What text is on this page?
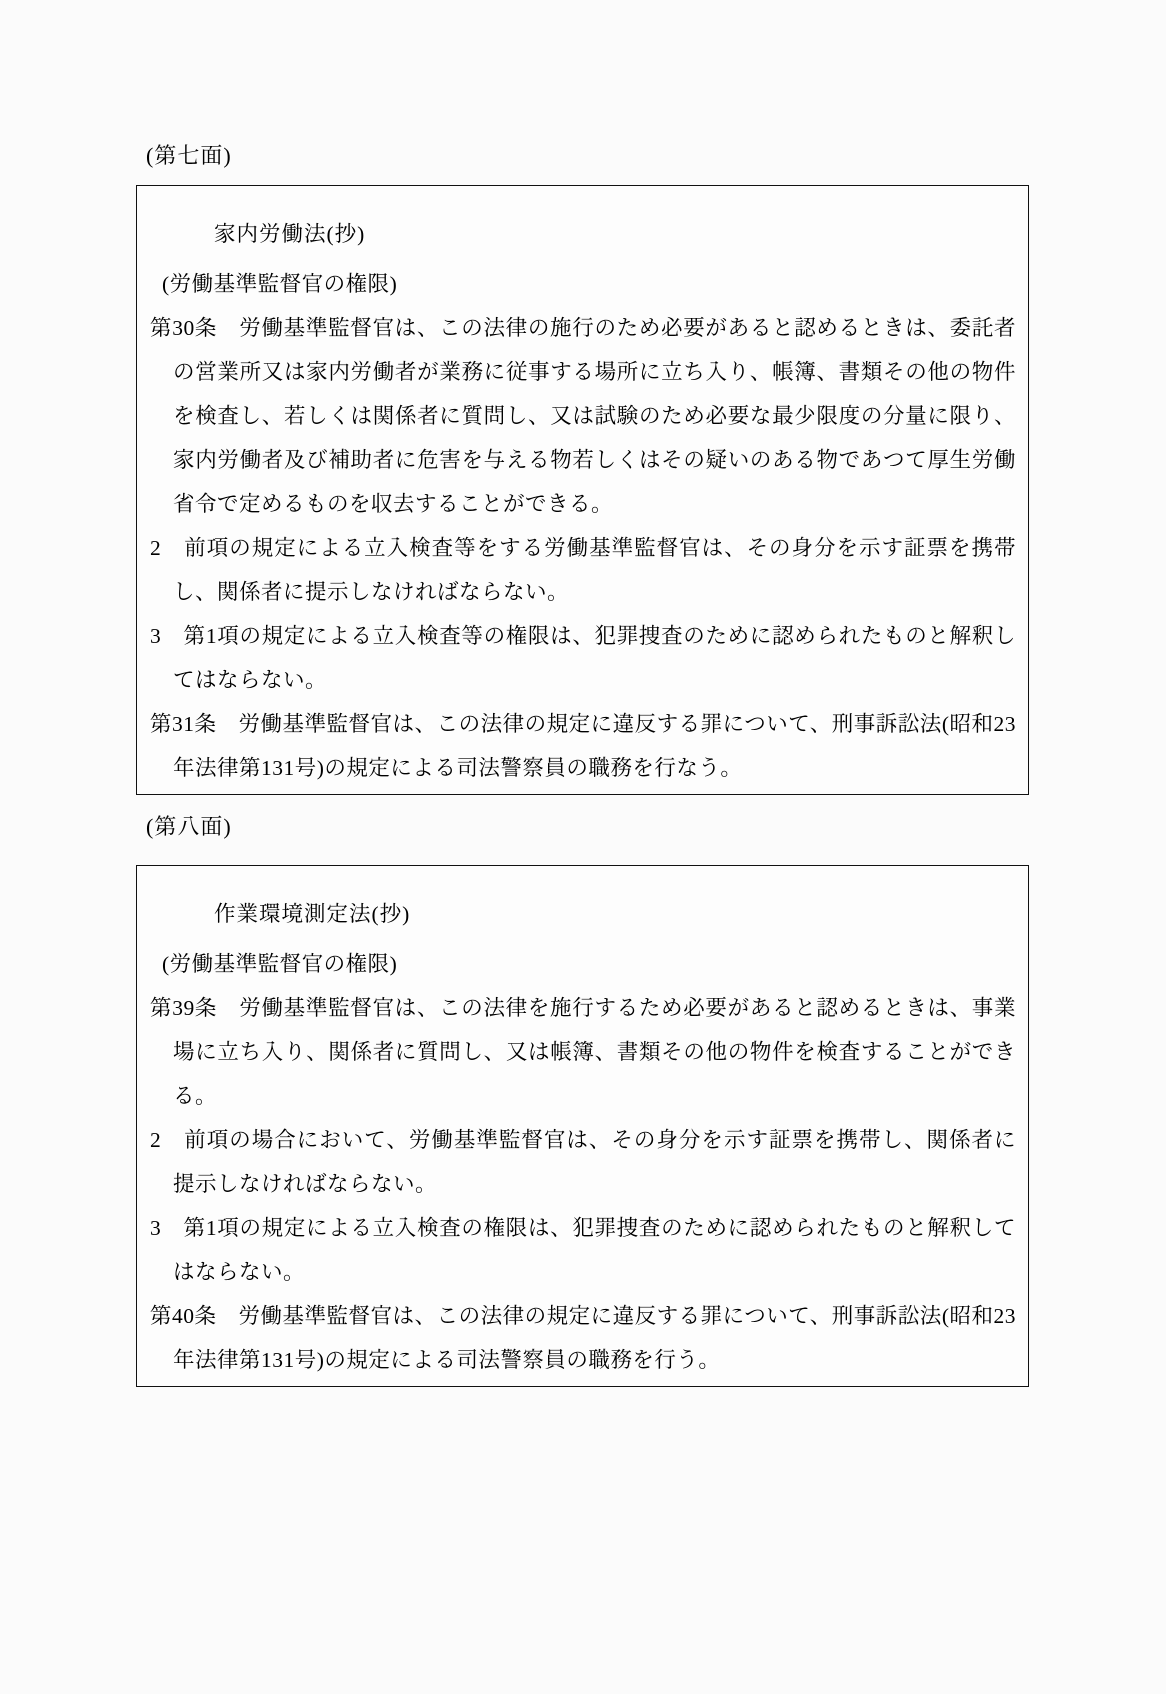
(第七面)
家内労働法(抄)
(労働基準監督官の権限)

第30条　労働基準監督官は、この法律の施行のため必要があると認めるときは、委託者の営業所又は家内労働者が業務に従事する場所に立ち入り、帳簿、書類その他の物件を検査し、若しくは関係者に質問し、又は試験のため必要な最少限度の分量に限り、家内労働者及び補助者に危害を与える物若しくはその疑いのある物であつて厚生労働省令で定めるものを収去することができる。

2　前項の規定による立入検査等をする労働基準監督官は、その身分を示す証票を携帯し、関係者に提示しなければならない。

3　第1項の規定による立入検査等の権限は、犯罪捜査のために認められたものと解釈してはならない。

第31条　労働基準監督官は、この法律の規定に違反する罪について、刑事訴訟法(昭和23年法律第131号)の規定による司法警察員の職務を行なう。

(第八面)
作業環境測定法(抄)
(労働基準監督官の権限)

第39条　労働基準監督官は、この法律を施行するため必要があると認めるときは、事業場に立ち入り、関係者に質問し、又は帳簿、書類その他の物件を検査することができる。

2　前項の場合において、労働基準監督官は、その身分を示す証票を携帯し、関係者に提示しなければならない。

3　第1項の規定による立入検査の権限は、犯罪捜査のために認められたものと解釈してはならない。

第40条　労働基準監督官は、この法律の規定に違反する罪について、刑事訴訟法(昭和23年法律第131号)の規定による司法警察員の職務を行う。
